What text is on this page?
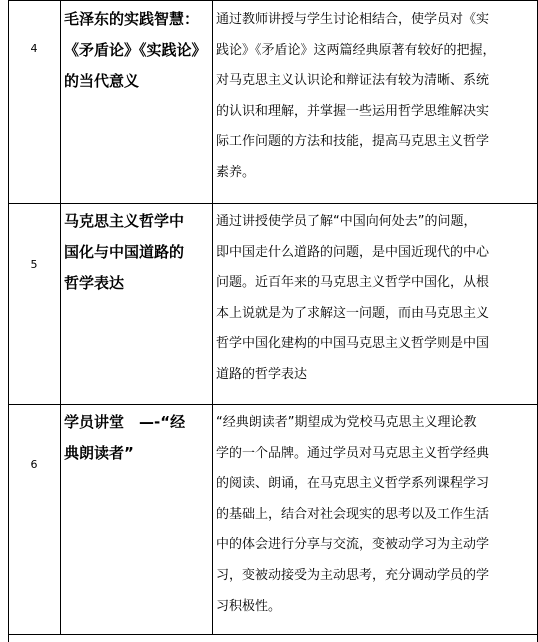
4
毛泽东的实践智慧：
《矛盾论》《实践论》
的当代意义
通过教师讲授与学生讨论相结合，使学员对《实
践论》《矛盾论》这两篇经典原著有较好的把握，
对马克思主义认识论和辩证法有较为清晰、系统
的认识和理解，并掌握一些运用哲学思维解决实
际工作问题的方法和技能，提高马克思主义哲学
素养。
5
马克思主义哲学中
国化与中国道路的
哲学表达
通过讲授使学员了解“中国向何处去”的问题，
即中国走什么道路的问题，是中国近现代的中心
问题。近百年来的马克思主义哲学中国化，从根
本上说就是为了求解这一问题，而由马克思主义
哲学中国化建构的中国马克思主义哲学则是中国
道路的哲学表达
6
学员讲堂　—-“经
典朗读者”
“经典朗读者”期望成为党校马克思主义理论教
学的一个品牌。通过学员对马克思主义哲学经典
的阅读、朗诵，在马克思主义哲学系列课程学习
的基础上，结合对社会现实的思考以及工作生活
中的体会进行分享与交流，变被动学习为主动学
习，变被动接受为主动思考，充分调动学员的学
习积极性。
